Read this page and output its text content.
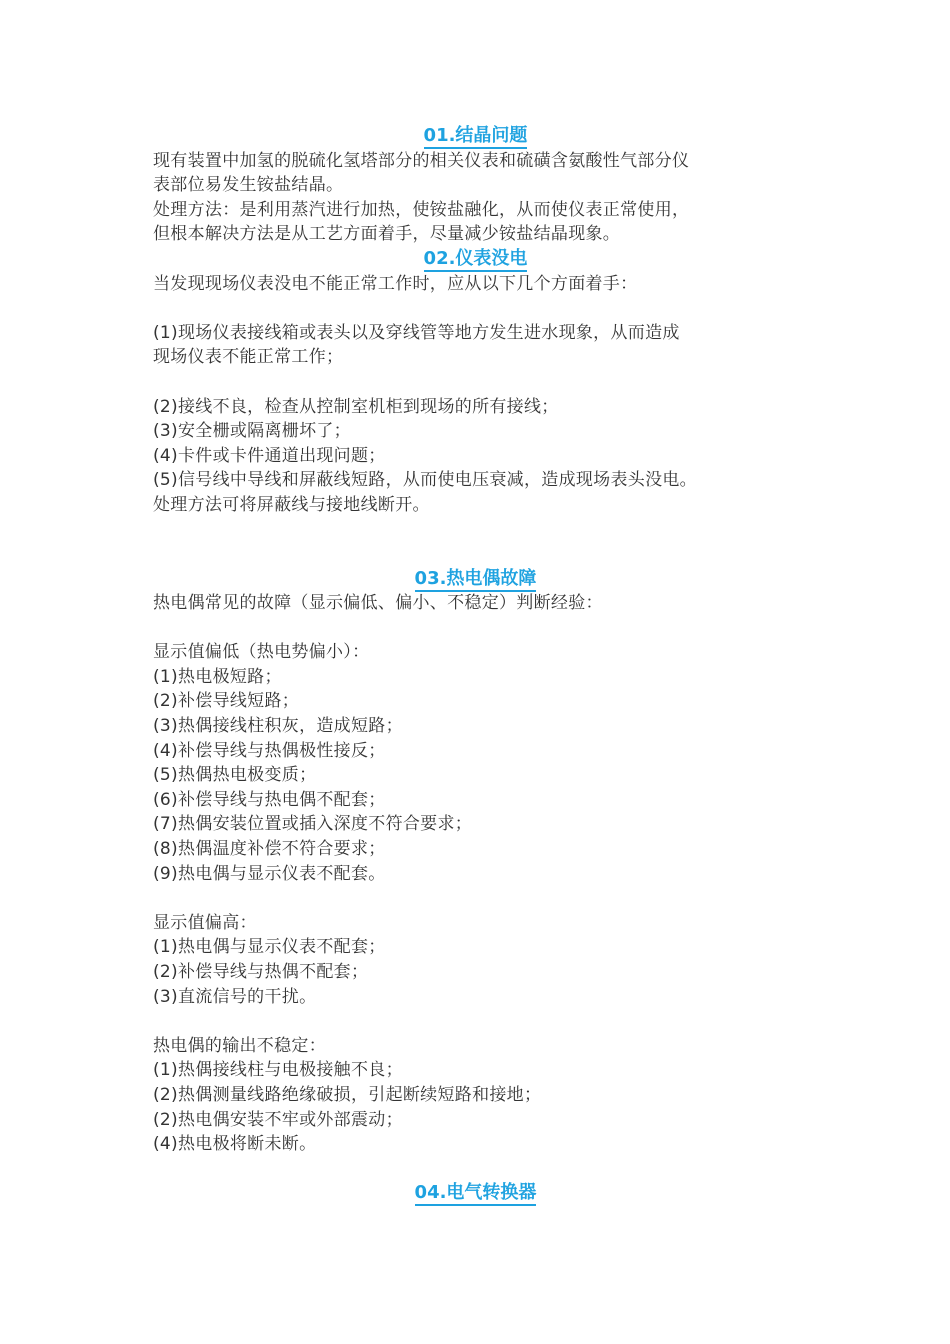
01.结晶问题
现有装置中加氢的脱硫化氢塔部分的相关仪表和硫磺含氨酸性气部分仪
表部位易发生铵盐结晶。
处理方法：是利用蒸汽进行加热，使铵盐融化，从而使仪表正常使用，
但根本解决方法是从工艺方面着手，尽量减少铵盐结晶现象。
02.仪表没电
当发现现场仪表没电不能正常工作时，应从以下几个方面着手：
(1)现场仪表接线箱或表头以及穿线管等地方发生进水现象，从而造成
现场仪表不能正常工作；
(2)接线不良，检查从控制室机柜到现场的所有接线；
(3)安全栅或隔离栅坏了；
(4)卡件或卡件通道出现问题；
(5)信号线中导线和屏蔽线短路，从而使电压衰减，造成现场表头没电。
处理方法可将屏蔽线与接地线断开。
03.热电偶故障
热电偶常见的故障（显示偏低、偏小、不稳定）判断经验：
显示值偏低（热电势偏小）：
(1)热电极短路；
(2)补偿导线短路；
(3)热偶接线柱积灰，造成短路；
(4)补偿导线与热偶极性接反；
(5)热偶热电极变质；
(6)补偿导线与热电偶不配套；
(7)热偶安装位置或插入深度不符合要求；
(8)热偶温度补偿不符合要求；
(9)热电偶与显示仪表不配套。
显示值偏高：
(1)热电偶与显示仪表不配套；
(2)补偿导线与热偶不配套；
(3)直流信号的干扰。
热电偶的输出不稳定：
(1)热偶接线柱与电极接触不良；
(2)热偶测量线路绝缘破损，引起断续短路和接地；
(2)热电偶安装不牢或外部震动；
(4)热电极将断未断。
04.电气转换器
